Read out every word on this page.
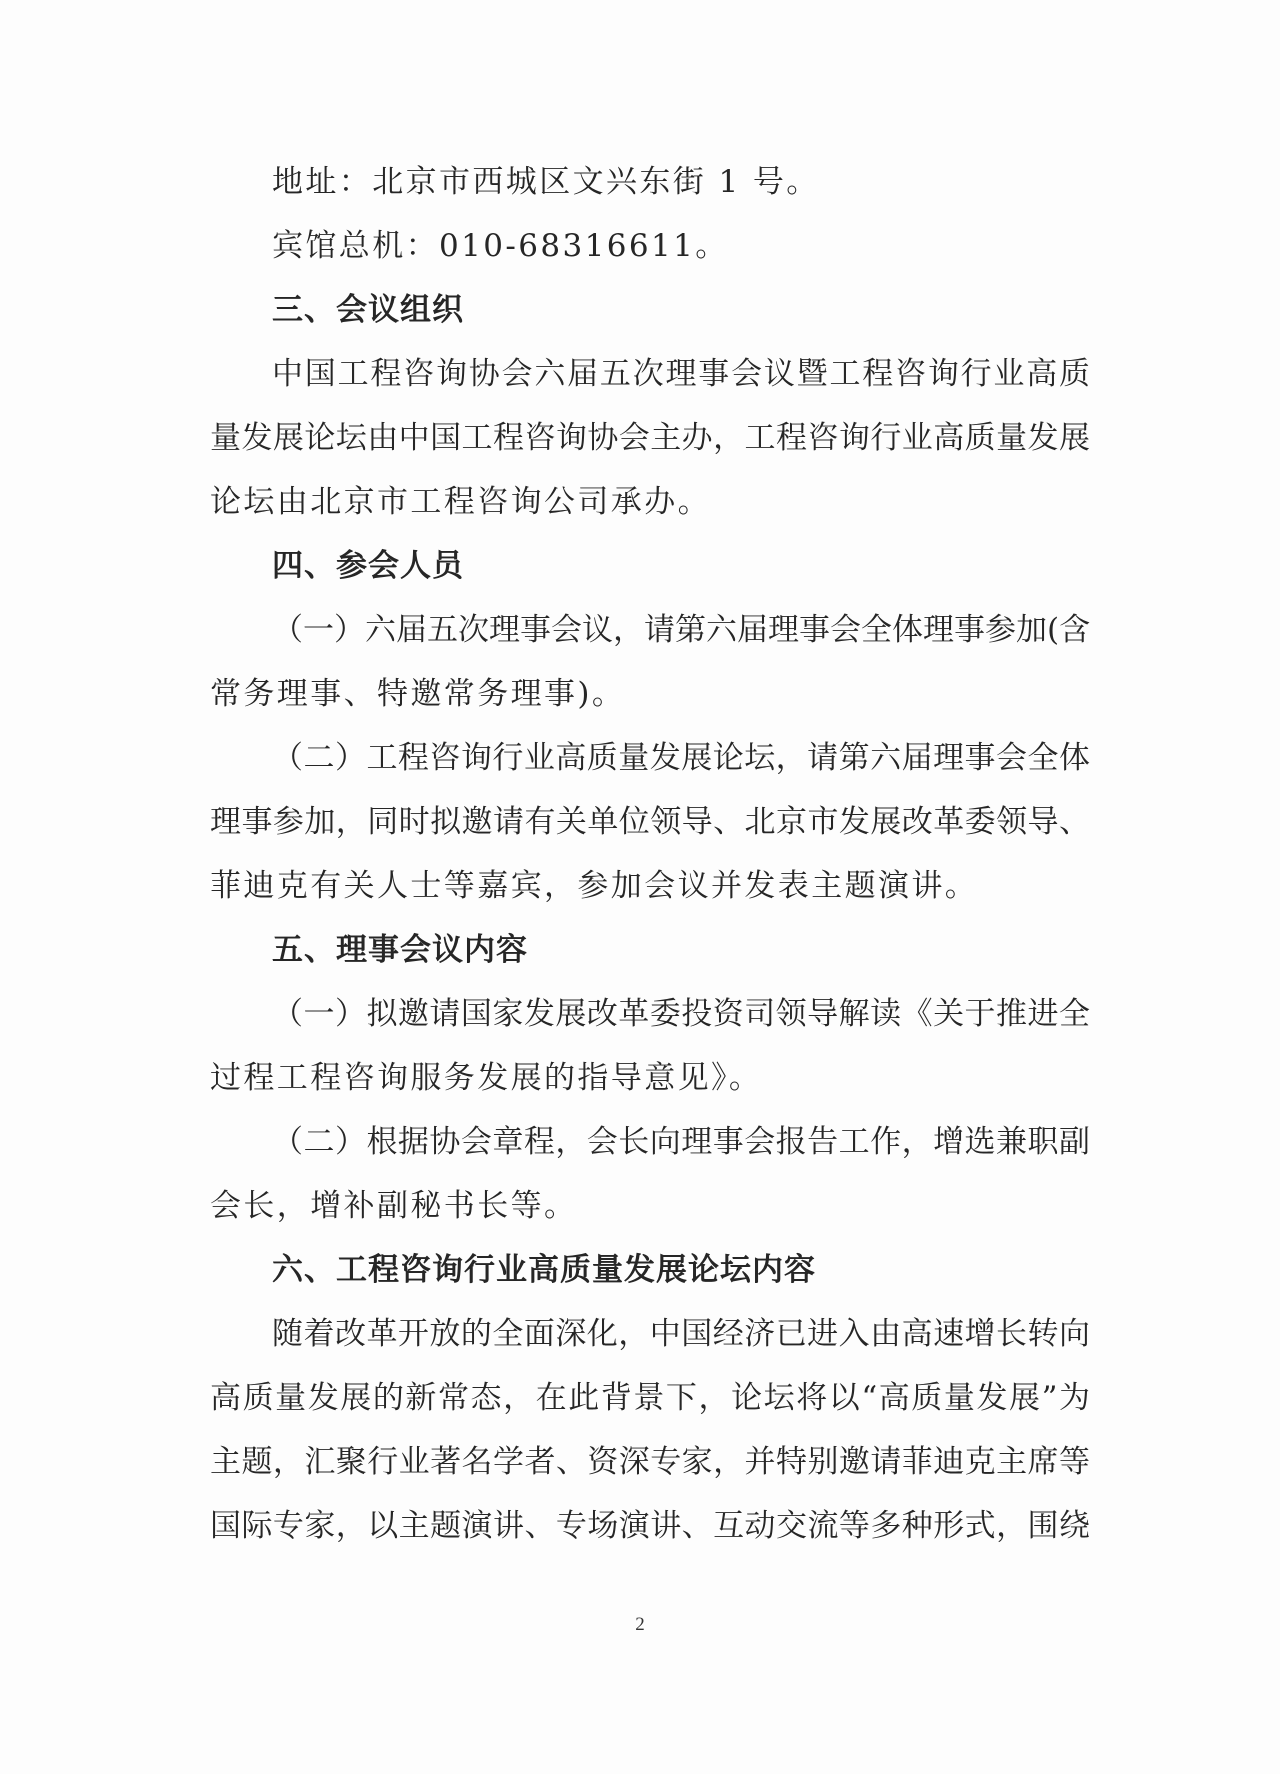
地址：北京市西城区文兴东街 1 号。

宾馆总机：010-68316611。

三、会议组织

中国工程咨询协会六届五次理事会议暨工程咨询行业高质

量发展论坛由中国工程咨询协会主办，工程咨询行业高质量发展

论坛由北京市工程咨询公司承办。

四、参会人员

（一）六届五次理事会议，请第六届理事会全体理事参加(含

常务理事、特邀常务理事)。

（二）工程咨询行业高质量发展论坛，请第六届理事会全体

理事参加，同时拟邀请有关单位领导、北京市发展改革委领导、

菲迪克有关人士等嘉宾，参加会议并发表主题演讲。

五、理事会议内容

（一）拟邀请国家发展改革委投资司领导解读《关于推进全

过程工程咨询服务发展的指导意见》。

（二）根据协会章程，会长向理事会报告工作，增选兼职副

会长，增补副秘书长等。

六、工程咨询行业高质量发展论坛内容

随着改革开放的全面深化，中国经济已进入由高速增长转向

高质量发展的新常态，在此背景下，论坛将以“高质量发展”为

主题，汇聚行业著名学者、资深专家，并特别邀请菲迪克主席等

国际专家，以主题演讲、专场演讲、互动交流等多种形式，围绕

2
